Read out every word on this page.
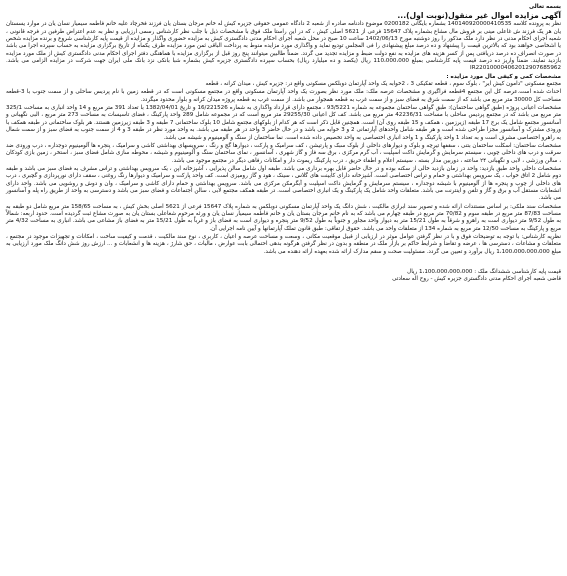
بسمه تعالی

آگهی مزایده اموال غیر منقول(نوبت اول)...

نظر به پرونده کلاسه 140140920000410535 بشماره بایگانی 0200182 موضوع دادنامه صادره از شعبه 2 دادگاه عمومی حقوقی جزیره کیش له خانم مرجان بستان یان فرزند فخرچاد علیه خانم فاطمه سیمیار نسان یان در موارد یسستان یان هر یک فرزند ش غاعلی مینی بر فروش مال مشاع بشماره پلاک 15647 فرعی از 5621 اصلی کیش ، که در این راستا ملک فوق با مشخصات ذیل با جلب نظر کارشناس رسمی ارزیابی و نظر به عدم اعتراض طرفین در فرجه قانونی ، شعبه اجرای احکام مدنی در نظر دارد ملک مذکور را روز دوشنبه مورخ 1402/06/13 ساعت 10 صبح در محل شعبه اجرای احکام مدنی دادگستری کیش به مزایده حضوری واگذار و مزایده از قیمت پایه کارشناسی شروع و برنده مزایده شخص یا اشخاصی خواهند بود که بالاترین قیمت را پیشنهاد و ده درصد مبلغ پیشنهادی را فی المجلس تودیع نماید و واگذاری مورد مزایده منوط به پرداخت الباقی ثمن مورد مزایده ظرف یکماه از تاریخ برگزاری مزایده به حساب سپرده اجرا می باشد در صورت انصراف ده درصد دریافتی پس از کسر هزینه های مزایده به نفع دولت ضبط و مزایده تجدید می گردد. ضمناً طالبین میتوانند پنج روز قبل از برگزاری مزایده با هماهنگی دفتر اجرای احکام مدنی دادگستری کیش از ملک مورد مزایده بازدید نمایند. ضمناً واریز ده درصد قیمت پایه کارشناسی بمبلغ 110،000،000 ریال (یکصد و ده میلیارد ریال) بحساب سپرده دادگستری جزیره کیش بشماره شبا بانکی نزد بانک ملی ایران جهت شرکت در مزایده الزامی می باشد. IR220100004062012907685962

مشخصات کمی و کیفی مال مورد مزایده :

مجتمع مسکونی "دامون کیش ایر" ، بلوک سوم ، قطعه تفکیکی 3 ، 2خوابه یک واحد آپارتمان دوبلکس مسکونی واقع در: جزیره کیش ، میدان کرانه ، قطعه

احداث شده است.عرصه کل این مجتمع 4قطعه فراگیری و مشخصات عرصه ملک: ملک مورد نظر بصورت یک واحد آپارتمان مسکونی واقع در مجتمع مسکونی است که در قطعه زمین با نام پردیس ساحلی و از سمت جنوب با 3-قطعه مساحت کل 30000 متر مربع می باشد که از سمت شرق به فضای سبز و از سمت غرب به قطعه همجوار می باشد. از سمت غرب به قطعه پروژه میدان کرانه و بلوار محدود میگردد.

مشخصات اعیانی پروژه (طبق گواهی ساختمان): طبق گواهی ساختمان مجموعه به شماره 93/5221 ، مجتمع دارای قرارداد واگذاری به شماره 16/221526 و تاریخ 1382/04/01 با تعداد 391 متر مربع و 14 واحد انباری به مساحت 325/1 متر مربع می باشد که در مجتمع پردیس ساحلی با مساحت 42236/31 متر مربع می باشد. کف کل اعیانی 29255/30 متر مربع است که در مجموعه شامل 289 واحد پارکینگ ، فضای تاسیسات به مساحت 273 متر مربع ، البی نگهبانی و آسانسور مجتمع شامل یک برج 17 طبقه (زیرزمین ، همکف و 15 طبقه روی آن) است. همچنین قابل ذکر است که هر کدام از بلوکهای مجتمع شامل 10 بلوک ساختمانی 7 طبقه و 3 طبقه زیرزمین هستند. هر بلوک ساختمانی در طبقه همکف با ورودی مشترک و آسانسور مجزا طراحی شده است و هر طبقه شامل واحدهای آپارتمانی 2 و 3 خوابه می باشد و در حال حاضر 3 واحد در هر طبقه می باشد. به واحد مورد نظر در طبقه 3 و 4 از سمت جنوب به فضای سبز و از سمت شمال به راهرو اختصاصی مشرف است و به تعداد 1 واحد پارکینگ و 1 واحد انباری اختصاصی به واحد تخصیص داده شده است. نما ساختمان از سنگ و آلومینیوم و شیشه می باشد.

مشخصات ساختمان: اسکلت ساختمان بتنی ، سقفها تیرچه و بلوک و دیوارهای داخلی از بلوک سبک و پارتیشن ، کف سرامیک و پارکت ، دیوارها گچ و رنگ ، سرویسهای بهداشتی کاشی و سرامیک ، پنجره ها آلومینیوم دوجداره ، درب ورودی ضد سرقت و درب های داخلی چوبی ، سیستم سرمایش و گرمایش داکت اسپلیت ، آب گرم مرکزی ، برق سه فاز و گاز شهری ، آسانسور ، نمای ساختمان سنگ و آلومینیوم و شیشه ، محوطه سازی شامل فضای سبز ، استخر ، زمین بازی کودکان ، سالن ورزشی ، لابی و نگهبانی ۲۴ ساعته ، دوربین مدار بسته ، سیستم اعلام و اطفاء حریق ، درب پارکینگ ریموت دار و امکانات رفاهی دیگر در مجتمع موجود می باشد.

مشخصات داخلی واحد طبق بازدید: واحد در زمان بازدید خالی از سکنه بوده و در حال حاضر قابل بهره برداری می باشد. طبقه اول شامل سالن پذیرایی ، آشپزخانه اپن ، یک سرویس بهداشتی و تراس مشرف به فضای سبز می باشد و طبقه دوم شامل 2 اتاق خواب ، یک سرویس بهداشتی و حمام و تراس اختصاصی است. آشپزخانه دارای کابینت های گلاس ، سینک ، هود و گاز رومیزی است. کف واحد پارکت و سرامیک و دیوارها رنگ روغنی ، سقف دارای نورپردازی و گچبری ، درب های داخلی از چوب و پنجره ها از آلومینیوم با شیشه دوجداره ، سیستم سرمایش و گرمایش داکت اسپلیت و آبگرمکن مرکزی می باشد. سرویس بهداشتی و حمام دارای کاشی و سرامیک ، وان و دوش و روشویی می باشد. واحد دارای انشعابات مستقل آب و برق و گاز و تلفن و اینترنت می باشد. متعلقات واحد شامل یک پارکینگ و یک انباری اختصاصی است. در طبقه همکف مجتمع لابی ، سالن اجتماعات و فضای سبز می باشد و دسترسی به واحد از طریق راه پله و آسانسور می باشد.

مشخصات سند ملکی: بر اساس مستندات ارائه شده و تصویر سند ابرازی مالکیت ، شش دانگ یک واحد آپارتمان مسکونی دوبلکس به شماره پلاک 15647 فرعی از 5621 اصلی بخش کیش ، به مساحت 158/65 متر مربع شامل دو طبقه به مساحت 87/83 متر مربع در طبقه سوم و 70/82 متر مربع در طبقه چهارم می باشد که به نام خانم مرجان بستان یان و خانم فاطمه سیمیار نسان یان و ورثه مرحوم شغاعلی بستان یان به صورت مشاع ثبت گردیده است. حدود اربعه: شمالاً به طول 9/52 متر دیواری است به راهرو و شرقاً به طول 15/21 متر به دیوار واحد مجاور و جنوباً به طول 9/52 متر پنجره و دیواری است به فضای باز و غرباً به طول 15/21 متر به فضای باز مشاعی می باشد. انباری به مساحت 4/32 متر مربع و پارکینگ به مساحت 12/50 متر مربع به شماره 134 از متعلقات واحد می باشد. حقوق ارتفاقی: طبق قانون تملک آپارتمانها و آیین نامه اجرایی آن.

نظریه کارشناس: با توجه به توضیحات فوق و با در نظر گرفتن عوامل موثر در ارزیابی از قبیل موقعیت مکانی ، وسعت و مساحت عرصه و اعیان ، کاربری ، نوع سند مالکیت ، قدمت و کیفیت ساخت ، امکانات و تجهیزات موجود در مجتمع ، متعلقات و مشاعات ، دسترسی ها ، عرضه و تقاضا و شرایط حاکم بر بازار ملک در منطقه و بدون در نظر گرفتن هرگونه بدهی احتمالی بابت عوارض ، مالیات ، حق شارژ ، هزینه ها و انشعابات و ... ارزش روز شش دانگ ملک مورد ارزیابی به مبلغ 1،100،000،000،000 ریال برآورد و تعیین می گردد. مسئولیت صحت و سقم مدارک ارائه شده بعهده ارائه دهنده می باشد.

قیمت پایه کارشناسی ششدانگ ملک : 1،100،000،000،000 ریال

قاضی شعبه اجرای احکام مدنی دادگستری جزیره کیش - روح اله سعادتی
